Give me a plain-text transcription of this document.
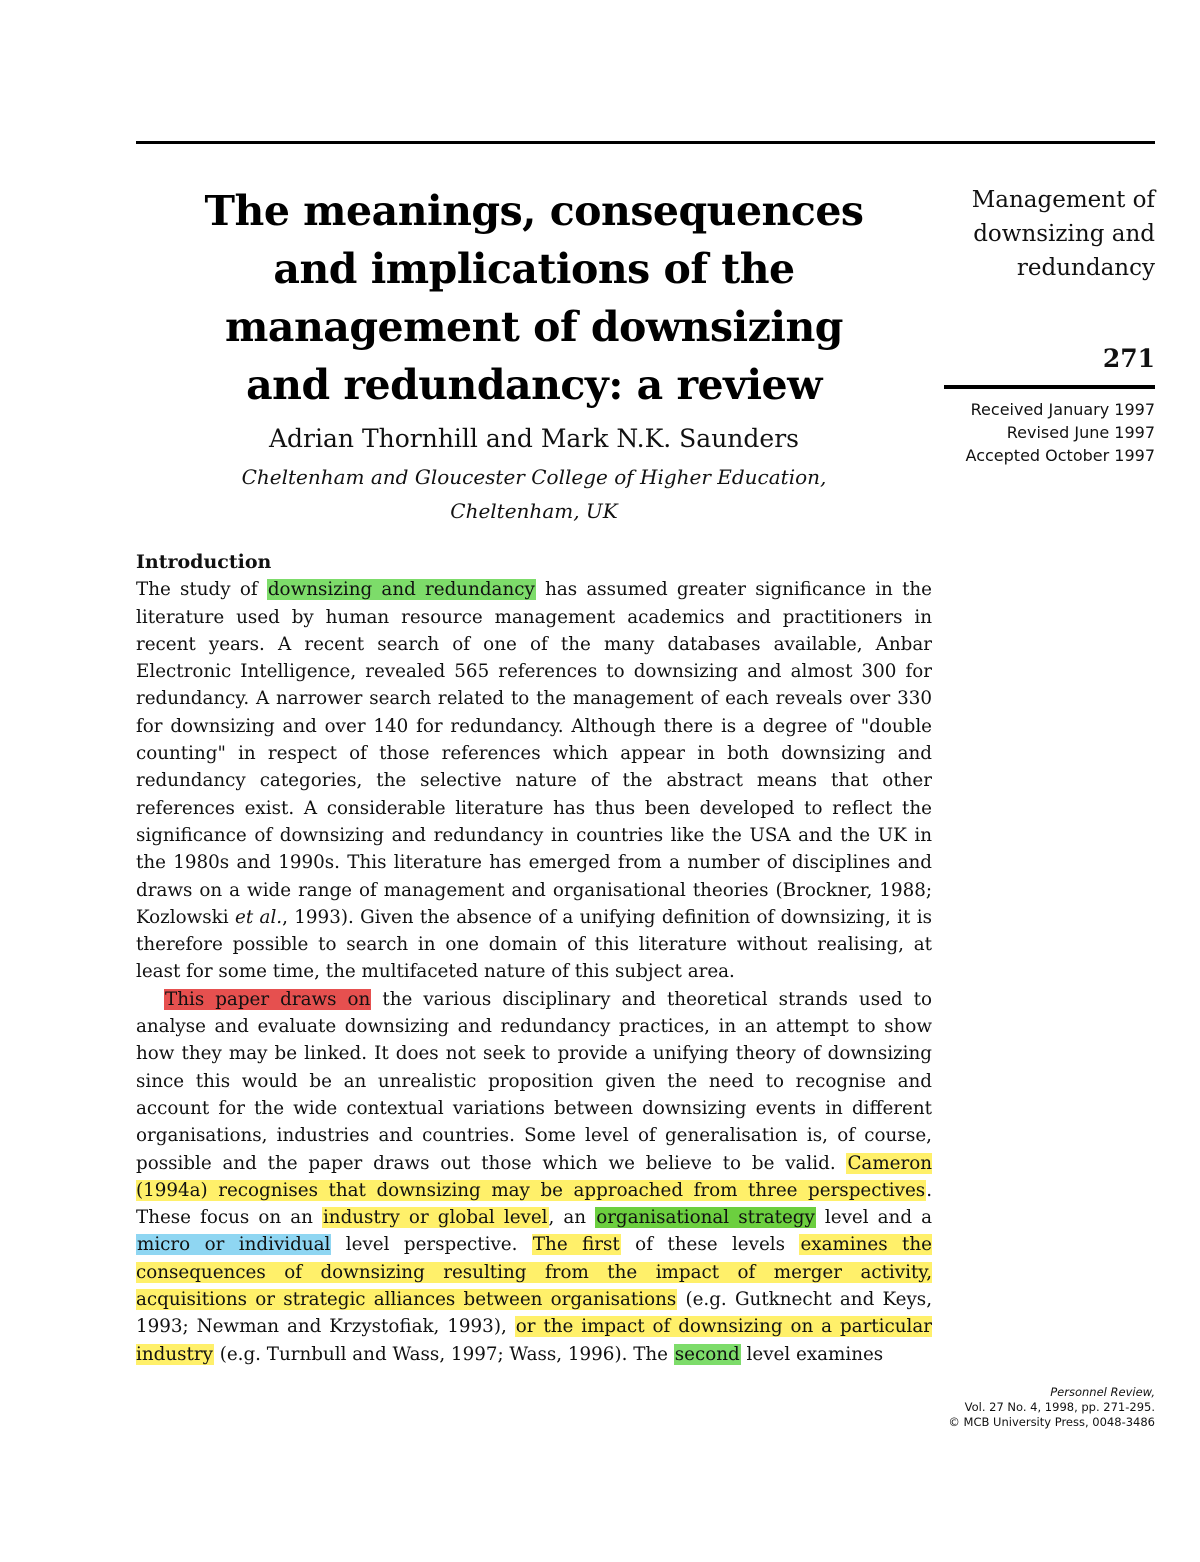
The meanings, consequences
and implications of the
management of downsizing
and redundancy: a review
Adrian Thornhill and Mark N.K. Saunders
Cheltenham and Gloucester College of Higher Education,
Cheltenham, UK
Management of
downsizing and
redundancy
271
Received January 1997
Revised June 1997
Accepted October 1997
Introduction

The study of downsizing and redundancy has assumed greater significance in the literature used by human resource management academics and practitioners in recent years. A recent search of one of the many databases available, Anbar Electronic Intelligence, revealed 565 references to downsizing and almost 300 for redundancy. A narrower search related to the management of each reveals over 330 for downsizing and over 140 for redundancy. Although there is a degree of "double counting" in respect of those references which appear in both downsizing and redundancy categories, the selective nature of the abstract means that other references exist. A considerable literature has thus been developed to reflect the significance of downsizing and redundancy in countries like the USA and the UK in the 1980s and 1990s. This literature has emerged from a number of disciplines and draws on a wide range of management and organisational theories (Brockner, 1988; Kozlowski et al., 1993). Given the absence of a unifying definition of downsizing, it is therefore possible to search in one domain of this literature without realising, at least for some time, the multifaceted nature of this subject area.

This paper draws on the various disciplinary and theoretical strands used to analyse and evaluate downsizing and redundancy practices, in an attempt to show how they may be linked. It does not seek to provide a unifying theory of downsizing since this would be an unrealistic proposition given the need to recognise and account for the wide contextual variations between downsizing events in different organisations, industries and countries. Some level of generalisation is, of course, possible and the paper draws out those which we believe to be valid. Cameron (1994a) recognises that downsizing may be approached from three perspectives. These focus on an industry or global level, an organisational strategy level and a micro or individual level perspective. The first of these levels examines the consequences of downsizing resulting from the impact of merger activity, acquisitions or strategic alliances between organisations (e.g. Gutknecht and Keys, 1993; Newman and Krzystofiak, 1993), or the impact of downsizing on a particular industry (e.g. Turnbull and Wass, 1997; Wass, 1996). The second level examines

Personnel Review,
Vol. 27 No. 4, 1998, pp. 271-295.
© MCB University Press, 0048-3486
